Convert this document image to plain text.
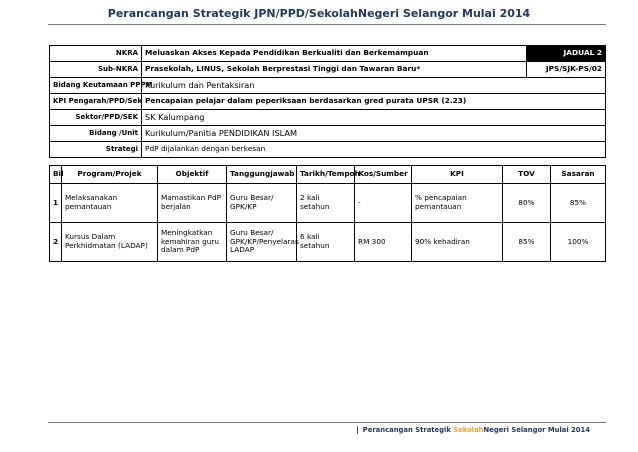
Perancangan Strategik JPN/PPD/SekolahNegeri Selangor Mulai 2014
NKRA	Meluaskan Akses Kepada Pendidikan Berkualiti dan Berkemampuan	JADUAL 2
Sub-NKRA	Prasekolah, LINUS, Sekolah Berprestasi Tinggi dan Tawaran Baru*	JPS/SJK-PS/02
Bidang Keutamaan PPPM	Kurikulum dan Pentaksiran	
KPI Pengarah/PPD/Sek	Pencapaian pelajar dalam peperiksaan berdasarkan gred purata UPSR (2.23)	
Sektor/PPD/SEK	SK Kalumpang	
Bidang /Unit	Kurikulum/Panitia PENDIDIKAN ISLAM	
Strategi	PdP dijalankan dengan berkesan	
Bil	Program/Projek	Objektif	Tanggungjawab	Tarikh/Tempoh	Kos/Sumber	KPI	TOV	Sasaran
1	Melaksanakan pemantauan	Mamastikan PdP berjalan	Guru Besar/ GPK/KP	2 kali setahun	-	% pencapaian pemantauan	80%	85%
2	Kursus Dalam Perkhidmatan (LADAP)	Meningkatkan kemahiran guru dalam PdP	Guru Besar/ GPK/KP/Penyelaras LADAP	6 kali setahun	RM 300	90% kehadiran	85%	100%
| Perancangan Strategik SekolahNegeri Selangor Mulai 2014
